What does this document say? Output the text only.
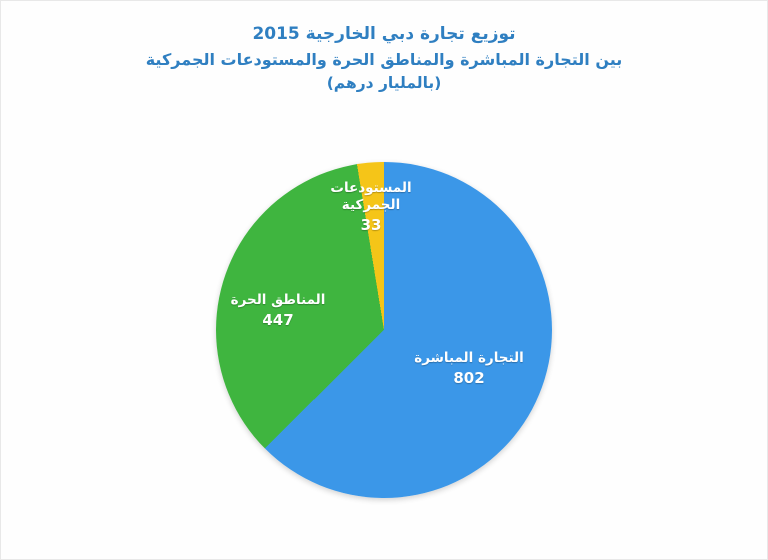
توزيع تجارة دبي الخارجية 2015
بين التجارة المباشرة والمناطق الحرة والمستودعات الجمركية
(بالمليار درهم)
التجارة المباشرة
802
المناطق الحرة
447
المستودعات
الجمركية
33
